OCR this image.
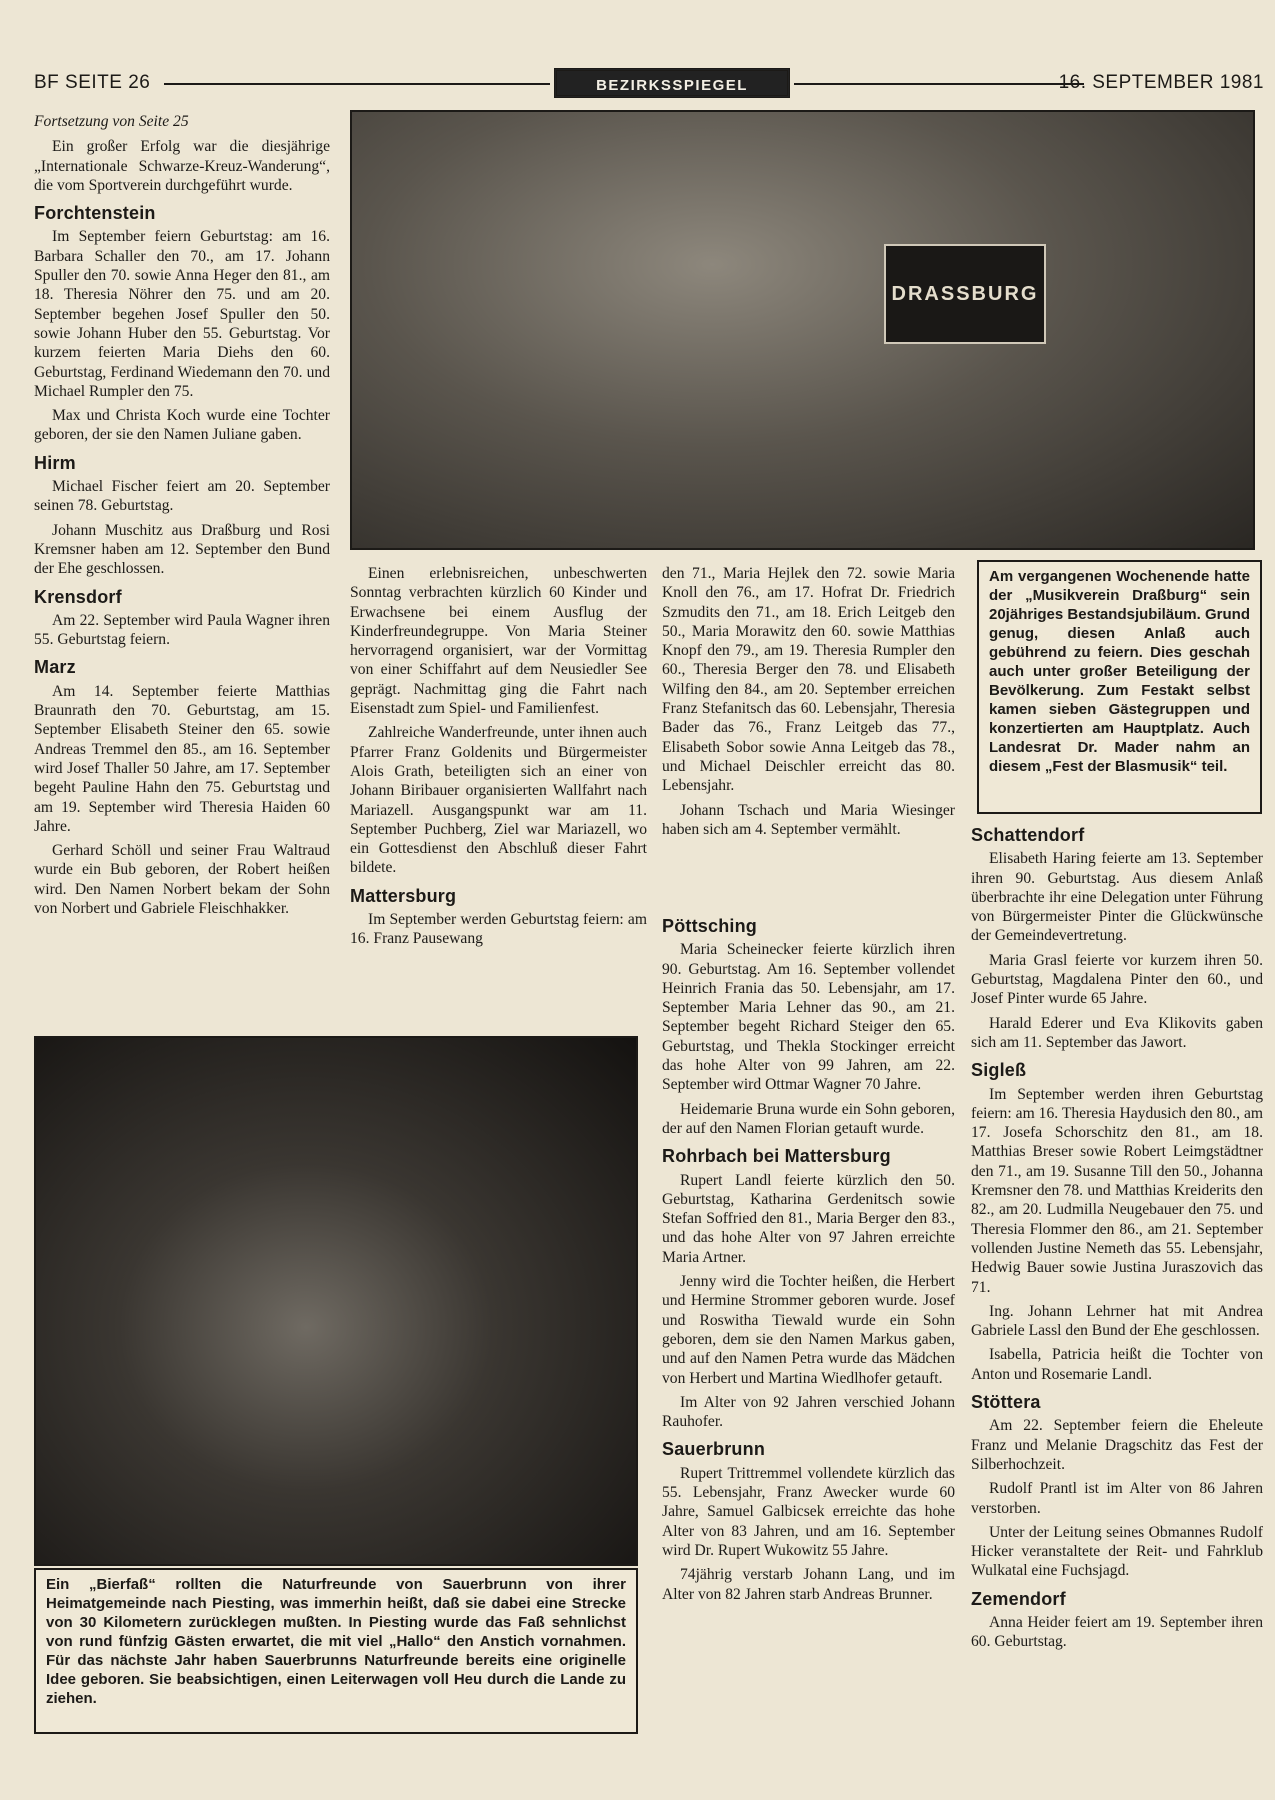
BF SEITE 26	BEZIRKSSPIEGEL	16. SEPTEMBER 1981
Fortsetzung von Seite 25

Ein großer Erfolg war die diesjährige „Internationale Schwarze-Kreuz-Wanderung“, die vom Sportverein durchgeführt wurde.

Forchtenstein

Im September feiern Geburtstag: am 16. Barbara Schaller den 70., am 17. Johann Spuller den 70. sowie Anna Heger den 81., am 18. Theresia Nöhrer den 75. und am 20. September begehen Josef Spuller den 50. sowie Johann Huber den 55. Geburtstag. Vor kurzem feierten Maria Diehs den 60. Geburtstag, Ferdinand Wiedemann den 70. und Michael Rumpler den 75.

Max und Christa Koch wurde eine Tochter geboren, der sie den Namen Juliane gaben.

Hirm

Michael Fischer feiert am 20. September seinen 78. Geburtstag.

Johann Muschitz aus Draßburg und Rosi Kremsner haben am 12. September den Bund der Ehe geschlossen.

Krensdorf

Am 22. September wird Paula Wagner ihren 55. Geburtstag feiern.

Marz

Am 14. September feierte Matthias Braunrath den 70. Geburtstag, am 15. September Elisabeth Steiner den 65. sowie Andreas Tremmel den 85., am 16. September wird Josef Thaller 50 Jahre, am 17. September begeht Pauline Hahn den 75. Geburtstag und am 19. September wird Theresia Haiden 60 Jahre.

Gerhard Schöll und seiner Frau Waltraud wurde ein Bub geboren, der Robert heißen wird. Den Namen Norbert bekam der Sohn von Norbert und Gabriele Fleischhakker.

DRASSBURG
Am vergangenen Wochenende hatte der „Musikverein Draßburg“ sein 20jähriges Bestandsjubiläum. Grund genug, diesen Anlaß auch gebührend zu feiern. Dies geschah auch unter großer Beteiligung der Bevölkerung. Zum Festakt selbst kamen sieben Gästegruppen und konzertierten am Hauptplatz. Auch Landesrat Dr. Mader nahm an diesem „Fest der Blasmusik“ teil.

Einen erlebnisreichen, unbeschwerten Sonntag verbrachten kürzlich 60 Kinder und Erwachsene bei einem Ausflug der Kinderfreundegruppe. Von Maria Steiner hervorragend organisiert, war der Vormittag von einer Schiffahrt auf dem Neusiedler See geprägt. Nachmittag ging die Fahrt nach Eisenstadt zum Spiel- und Familienfest.

Zahlreiche Wanderfreunde, unter ihnen auch Pfarrer Franz Goldenits und Bürgermeister Alois Grath, beteiligten sich an einer von Johann Biribauer organisierten Wallfahrt nach Mariazell. Ausgangspunkt war am 11. September Puchberg, Ziel war Mariazell, wo ein Gottesdienst den Abschluß dieser Fahrt bildete.

Mattersburg

Im September werden Geburtstag feiern: am 16. Franz Pausewang

den 71., Maria Hejlek den 72. sowie Maria Knoll den 76., am 17. Hofrat Dr. Friedrich Szmudits den 71., am 18. Erich Leitgeb den 50., Maria Morawitz den 60. sowie Matthias Knopf den 79., am 19. Theresia Rumpler den 60., Theresia Berger den 78. und Elisabeth Wilfing den 84., am 20. September erreichen Franz Stefanitsch das 60. Lebensjahr, Theresia Bader das 76., Franz Leitgeb das 77., Elisabeth Sobor sowie Anna Leitgeb das 78., und Michael Deischler erreicht das 80. Lebensjahr.

Johann Tschach und Maria Wiesinger haben sich am 4. September vermählt.

Pöttsching

Maria Scheinecker feierte kürzlich ihren 90. Geburtstag. Am 16. September vollendet Heinrich Frania das 50. Lebensjahr, am 17. September Maria Lehner das 90., am 21. September begeht Richard Steiger den 65. Geburtstag, und Thekla Stockinger erreicht das hohe Alter von 99 Jahren, am 22. September wird Ottmar Wagner 70 Jahre.

Heidemarie Bruna wurde ein Sohn geboren, der auf den Namen Florian getauft wurde.

Rohrbach bei Mattersburg

Rupert Landl feierte kürzlich den 50. Geburtstag, Katharina Gerdenitsch sowie Stefan Soffried den 81., Maria Berger den 83., und das hohe Alter von 97 Jahren erreichte Maria Artner.

Jenny wird die Tochter heißen, die Herbert und Hermine Strommer geboren wurde. Josef und Roswitha Tiewald wurde ein Sohn geboren, dem sie den Namen Markus gaben, und auf den Namen Petra wurde das Mädchen von Herbert und Martina Wiedlhofer getauft.

Im Alter von 92 Jahren verschied Johann Rauhofer.

Sauerbrunn

Rupert Trittremmel vollendete kürzlich das 55. Lebensjahr, Franz Awecker wurde 60 Jahre, Samuel Galbicsek erreichte das hohe Alter von 83 Jahren, und am 16. September wird Dr. Rupert Wukowitz 55 Jahre.

74jährig verstarb Johann Lang, und im Alter von 82 Jahren starb Andreas Brunner.

Schattendorf

Elisabeth Haring feierte am 13. September ihren 90. Geburtstag. Aus diesem Anlaß überbrachte ihr eine Delegation unter Führung von Bürgermeister Pinter die Glückwünsche der Gemeindevertretung.

Maria Grasl feierte vor kurzem ihren 50. Geburtstag, Magdalena Pinter den 60., und Josef Pinter wurde 65 Jahre.

Harald Ederer und Eva Klikovits gaben sich am 11. September das Jawort.

Sigleß

Im September werden ihren Geburtstag feiern: am 16. Theresia Haydusich den 80., am 17. Josefa Schorschitz den 81., am 18. Matthias Breser sowie Robert Leimgstädtner den 71., am 19. Susanne Till den 50., Johanna Kremsner den 78. und Matthias Kreiderits den 82., am 20. Ludmilla Neugebauer den 75. und Theresia Flommer den 86., am 21. September vollenden Justine Nemeth das 55. Lebensjahr, Hedwig Bauer sowie Justina Juraszovich das 71.

Ing. Johann Lehrner hat mit Andrea Gabriele Lassl den Bund der Ehe geschlossen.

Isabella, Patricia heißt die Tochter von Anton und Rosemarie Landl.

Stöttera

Am 22. September feiern die Eheleute Franz und Melanie Dragschitz das Fest der Silberhochzeit.

Rudolf Prantl ist im Alter von 86 Jahren verstorben.

Unter der Leitung seines Obmannes Rudolf Hicker veranstaltete der Reit- und Fahrklub Wulkatal eine Fuchsjagd.

Zemendorf

Anna Heider feiert am 19. September ihren 60. Geburtstag.

Ein „Bierfaß“ rollten die Naturfreunde von Sauerbrunn von ihrer Heimatgemeinde nach Piesting, was immerhin heißt, daß sie dabei eine Strecke von 30 Kilometern zurücklegen mußten. In Piesting wurde das Faß sehnlichst von rund fünfzig Gästen erwartet, die mit viel „Hallo“ den Anstich vornahmen. Für das nächste Jahr haben Sauerbrunns Naturfreunde bereits eine originelle Idee geboren. Sie beabsichtigen, einen Leiterwagen voll Heu durch die Lande zu ziehen.
